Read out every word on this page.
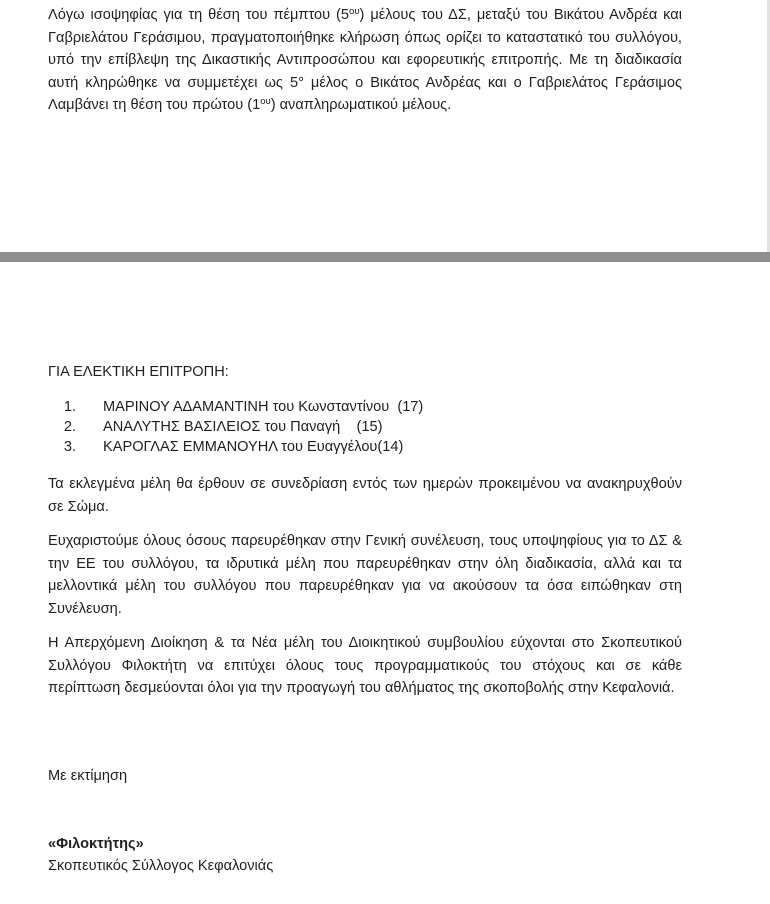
Λόγω ισοψηφίας για τη θέση του πέμπτου $(5^{o\upsilon})$ μέλους του ΔΣ, μεταξύ του Βικάτου Ανδρέα και Γαβριελάτου Γεράσιμου, πραγματοποιήθηκε κλήρωση όπως ορίζει το καταστατικό του συλλόγου, υπό την επίβλεψη της Δικαστικής Αντιπροσώπου και εφορευτικής επιτροπής. Με τη διαδικασία αυτή κληρώθηκε να συμμετέχει ως 5° μέλος ο Βικάτος Ανδρέας και ο Γαβριελάτος Γεράσιμος Λαμβάνει τη θέση του πρώτου $(1^{o\upsilon})$ αναπληρωματικού μέλους.

ΓΙΑ ΕΛΕΚΤΙΚΗ ΕΠΙΤΡΟΠΗ:

1. ΜΑΡΙΝΟΥ ΑΔΑΜΑΝΤΙΝΗ του Κωνσταντίνου  (17)
2. ΑΝΑΛΥΤΗΣ ΒΑΣΙΛΕΙΟΣ του Παναγή    (15)
3. ΚΑΡΟΓΛΑΣ ΕΜΜΑΝΟΥΗΛ του Ευαγγέλου(14)

Τα εκλεγμένα μέλη θα έρθουν σε συνεδρίαση εντός των ημερών προκειμένου να ανακηρυχθούν σε Σώμα.

Ευχαριστούμε όλους όσους παρευρέθηκαν στην Γενική συνέλευση, τους υποψηφίους για το ΔΣ & την ΕΕ του συλλόγου, τα ιδρυτικά μέλη που παρευρέθηκαν στην όλη διαδικασία, αλλά και τα μελλοντικά μέλη του συλλόγου που παρευρέθηκαν για να ακούσουν τα όσα ειπώθηκαν στη Συνέλευση.

Η Απερχόμενη Διοίκηση & τα Νέα μέλη του Διοικητικού συμβουλίου εύχονται στο Σκοπευτικού Συλλόγου Φιλοκτήτη να επιτύχει όλους τους προγραμματικούς του στόχους και σε κάθε περίπτωση δεσμεύονται όλοι για την προαγωγή του αθλήματος της σκοποβολής στην Κεφαλονιά.

Με εκτίμηση

«Φιλοκτήτης»

Σκοπευτικός Σύλλογος Κεφαλονιάς
